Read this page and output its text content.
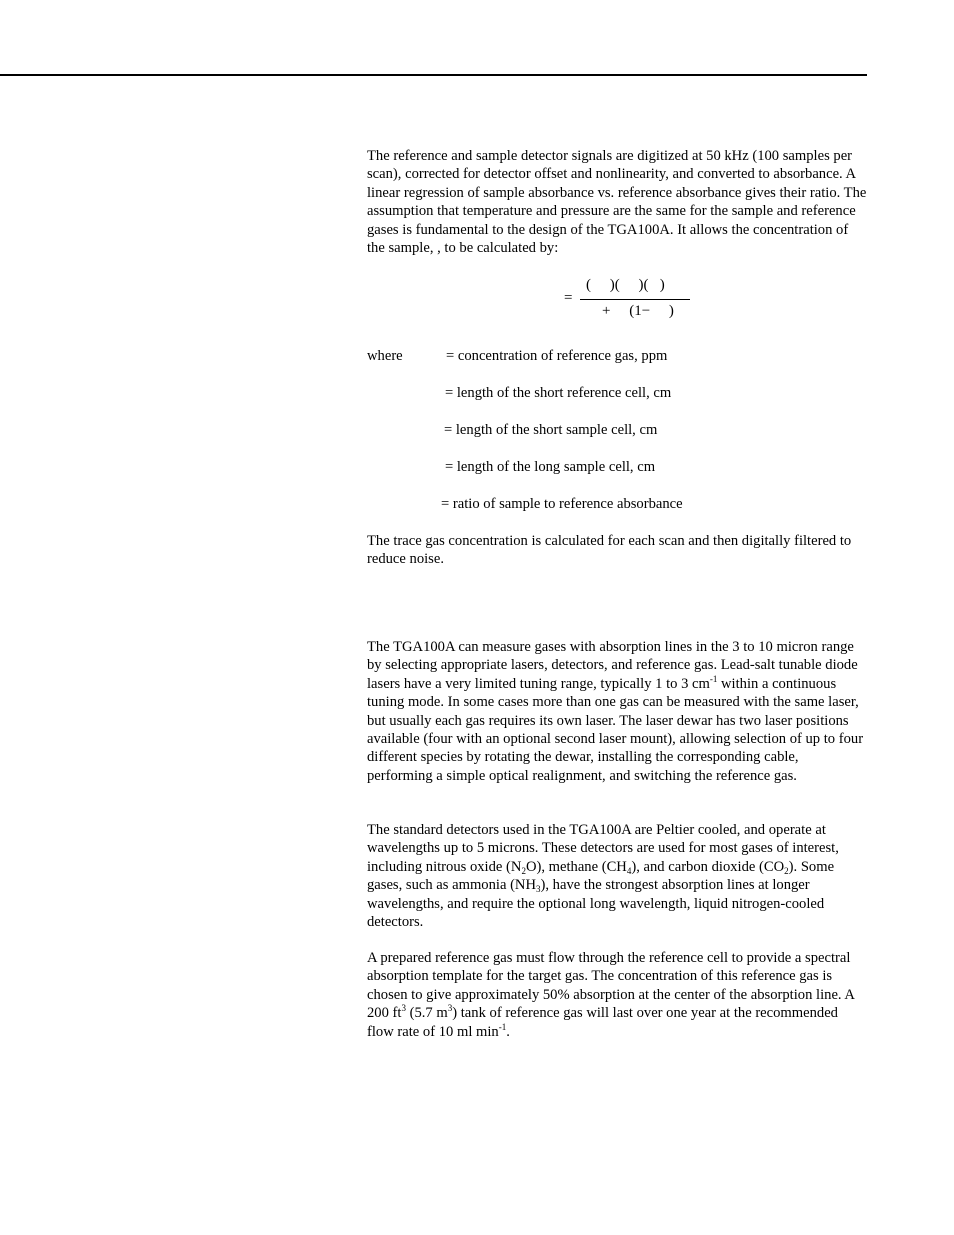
The reference and sample detector signals are digitized at 50 kHz (100 samples per scan), corrected for detector offset and nonlinearity, and converted to absorbance. A linear regression of sample absorbance vs. reference absorbance gives their ratio. The assumption that temperature and pressure are the same for the sample and reference gases is fundamental to the design of the TGA100A. It allows the concentration of the sample, , to be calculated by:

=
(     )(     )(   )
+     (1−     )
where	= concentration of reference gas, ppm
= length of the short reference cell, cm
= length of the short sample cell, cm
= length of the long sample cell, cm
= ratio of sample to reference absorbance

The trace gas concentration is calculated for each scan and then digitally filtered to reduce noise.

The TGA100A can measure gases with absorption lines in the 3 to 10 micron range by selecting appropriate lasers, detectors, and reference gas. Lead-salt tunable diode lasers have a very limited tuning range, typically 1 to 3 $cm^{-1}$ within a continuous tuning mode. In some cases more than one gas can be measured with the same laser, but usually each gas requires its own laser. The laser dewar has two laser positions available (four with an optional second laser mount), allowing selection of up to four different species by rotating the dewar, installing the corresponding cable, performing a simple optical realignment, and switching the reference gas.

The standard detectors used in the TGA100A are Peltier cooled, and operate at wavelengths up to 5 microns. These detectors are used for most gases of interest, including nitrous oxide $(N_2O)$, methane $(CH_4)$, and carbon dioxide $(CO_2)$. Some gases, such as ammonia $(NH_3)$, have the strongest absorption lines at longer wavelengths, and require the optional long wavelength, liquid nitrogen-cooled detectors.

A prepared reference gas must flow through the reference cell to provide a spectral absorption template for the target gas. The concentration of this reference gas is chosen to give approximately 50% absorption at the center of the absorption line. A 200 $ft^3$ (5.7 $m^3$) tank of reference gas will last over one year at the recommended flow rate of 10 ml $\min^{-1}$.
